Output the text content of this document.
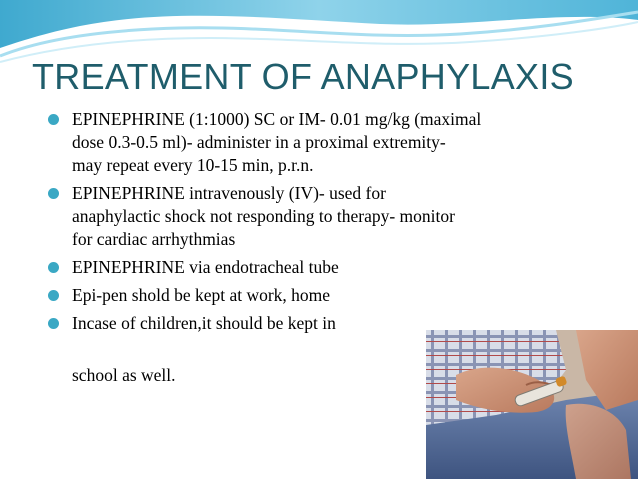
TREATMENT OF ANAPHYLAXIS
EPINEPHRINE (1:1000) SC or IM- 0.01 mg/kg (maximal
dose 0.3-0.5 ml)- administer in a proximal extremity-
may repeat every 10-15 min, p.r.n.
EPINEPHRINE intravenously (IV)- used for
anaphylactic shock not responding to therapy- monitor
for cardiac arrhythmias
EPINEPHRINE via endotracheal tube
Epi-pen shold be kept at work, home
Incase of children,it should be kept in
school as well.
